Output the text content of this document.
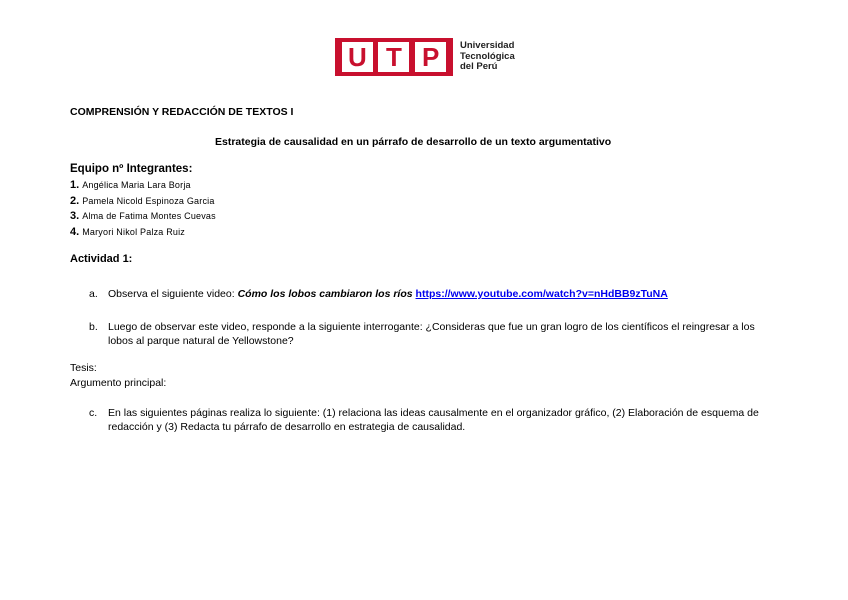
U T P	Universidad
Tecnológica
del Perú
COMPRENSIÓN Y REDACCIÓN DE TEXTOS I
Estrategia de causalidad en un párrafo de desarrollo de un texto argumentativo
Equipo nº Integrantes:
1. Angélica Maria Lara Borja
2. Pamela Nicold Espinoza Garcia
3. Alma de Fatima Montes Cuevas
4. Maryori Nikol Palza Ruiz
Actividad 1:
a. Observa el siguiente video: Cómo los lobos cambiaron los ríos https://www.youtube.com/watch?v=nHdBB9zTuNA
b. Luego de observar este video, responde a la siguiente interrogante: ¿Consideras que fue un gran logro de los científicos el reingresar a los lobos al parque natural de Yellowstone?
Tesis:
Argumento principal:
c.	En las siguientes páginas realiza lo siguiente: (1) relaciona las ideas causalmente en el organizador gráfico, (2) Elaboración de esquema de redacción y (3) Redacta tu párrafo de desarrollo en estrategia de causalidad.
